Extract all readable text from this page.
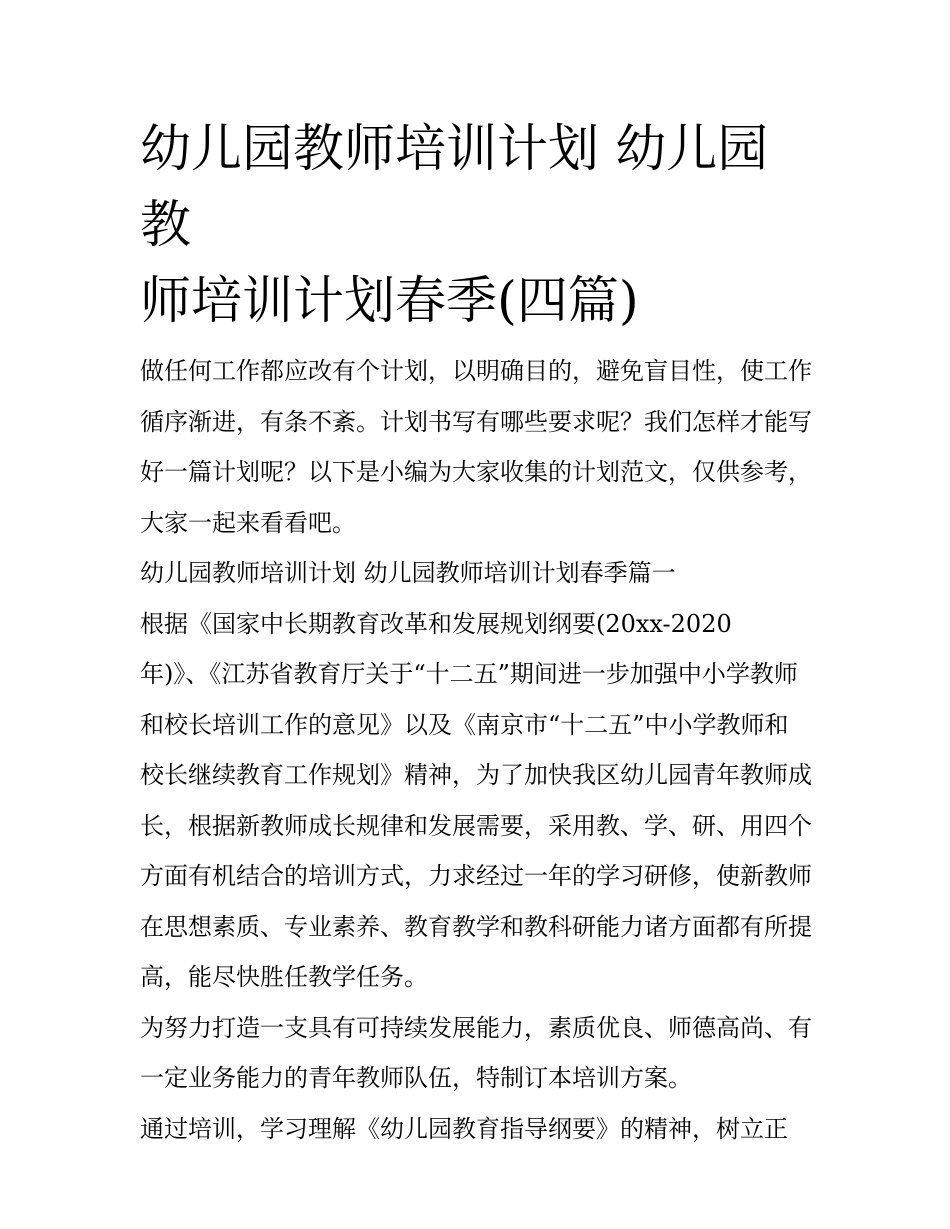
幼儿园教师培训计划 幼儿园教
师培训计划春季(四篇)

做任何工作都应改有个计划，以明确目的，避免盲目性，使工作循序渐进，有条不紊。计划书写有哪些要求呢？我们怎样才能写好一篇计划呢？以下是小编为大家收集的计划范文，仅供参考，大家一起来看看吧。

幼儿园教师培训计划 幼儿园教师培训计划春季篇一

根据《国家中长期教育改革和发展规划纲要(20xx-2020

年)》、《江苏省教育厅关于“十二五”期间进一步加强中小学教师和校长培训工作的意见》以及《南京市“十二五”中小学教师和校长继续教育工作规划》精神，为了加快我区幼儿园青年教师成长，根据新教师成长规律和发展需要，采用教、学、研、用四个方面有机结合的培训方式，力求经过一年的学习研修，使新教师在思想素质、专业素养、教育教学和教科研能力诸方面都有所提高，能尽快胜任教学任务。

为努力打造一支具有可持续发展能力，素质优良、师德高尚、有一定业务能力的青年教师队伍，特制订本培训方案。

通过培训，学习理解《幼儿园教育指导纲要》的精神，树立正
